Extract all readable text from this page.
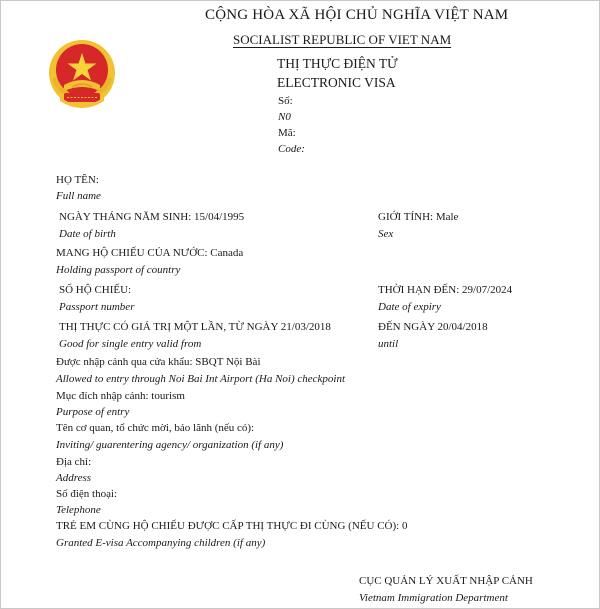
CỘNG HÒA XÃ HỘI CHỦ NGHĨA VIỆT NAM
SOCIALIST REPUBLIC OF VIET NAM
THỊ THỰC ĐIỆN TỬ
ELECTRONIC VISA
Số:
N0
Mã:
Code:
HỌ TÊN:
Full name
NGÀY THÁNG NĂM SINH: 15/04/1995
Date of birth
GIỚI TÍNH: Male
Sex
MANG HỘ CHIẾU CỦA NƯỚC: Canada
Holding passport of country
SỐ HỘ CHIẾU:
Passport number
THỜI HẠN ĐẾN: 29/07/2024
Date of expiry
THỊ THỰC CÓ GIÁ TRỊ MỘT LẦN, TỪ NGÀY 21/03/2018
Good for single entry valid from
ĐẾN NGÀY 20/04/2018
until
Được nhập cảnh qua cửa khẩu: SBQT Nội Bài
Allowed to entry through Noi Bai Int Airport (Ha Noi) checkpoint
Mục đích nhập cảnh: tourism
Purpose of entry
Tên cơ quan, tổ chức mời, bảo lãnh (nếu có):
Inviting/ guarentering agency/ organization (if any)
Địa chỉ:
Address
Số điện thoại:
Telephone
TRẺ EM CÙNG HỘ CHIẾU ĐƯỢC CẤP THỊ THỰC ĐI CÙNG (NẾU CÓ): 0
Granted E-visa Accompanying children (if any)
CỤC QUẢN LÝ XUẤT NHẬP CẢNH
Vietnam Immigration Department
